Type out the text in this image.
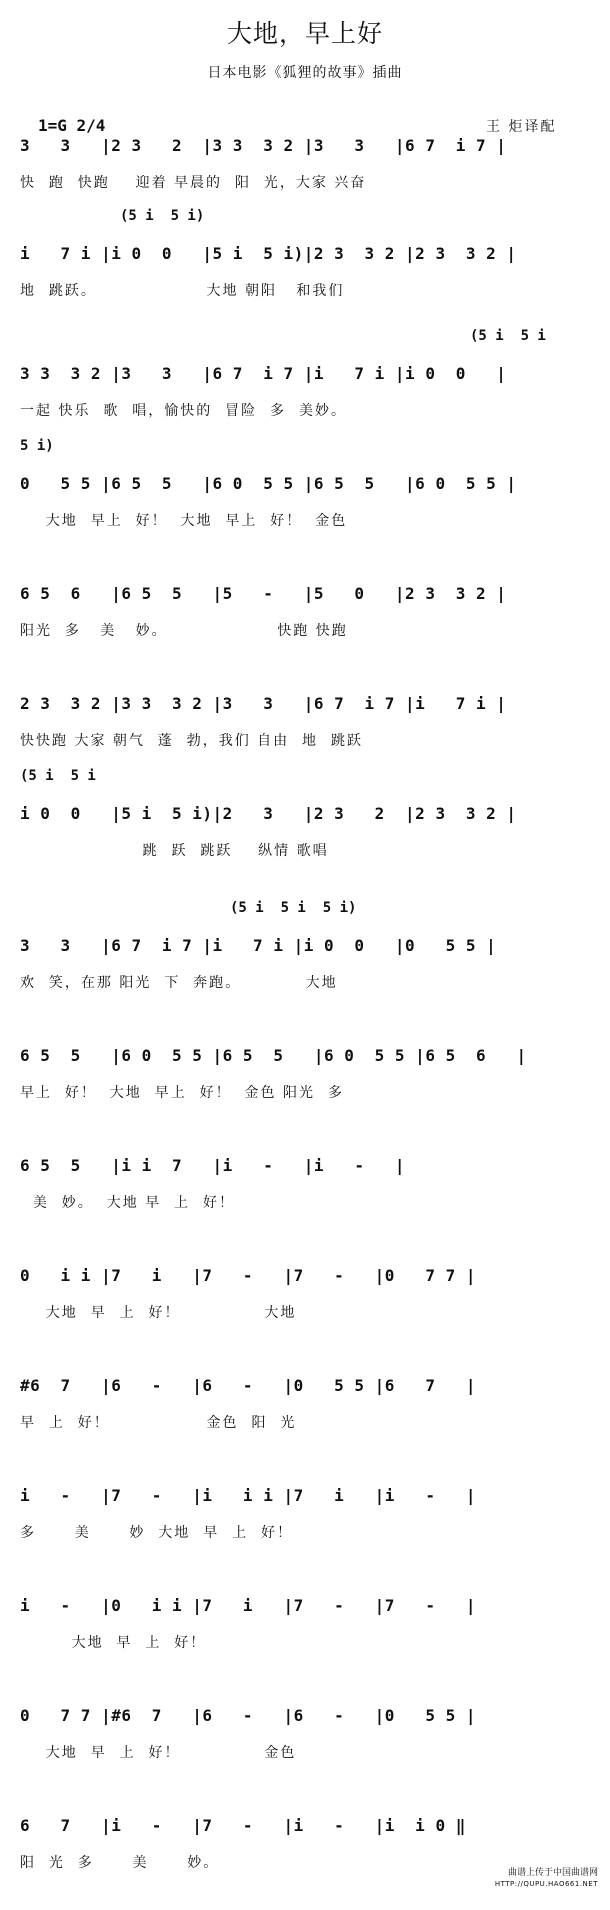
大地，早上好
日本电影《狐狸的故事》插曲
1=G 2/4	王 炬译配
3   3   |2 3   2  |3 3  3 2 |3   3   |6 7  i 7 |
快  跑  快跑    迎着 早晨的  阳  光，大家 兴奋
(5 i  5 i)
i   7 i |i 0  0   |5 i  5 i)|2 3  3 2 |2 3  3 2 |
地  跳跃。                 大地 朝阳   和我们
(5 i  5 i
3 3  3 2 |3   3   |6 7  i 7 |i   7 i |i 0  0   |
一起 快乐  歌  唱，愉快的  冒险  多  美妙。
5 i)
0   5 5 |6 5  5   |6 0  5 5 |6 5  5   |6 0  5 5 |
大地  早上  好！  大地  早上  好！  金色
6 5  6   |6 5  5   |5   -   |5   0   |2 3  3 2 |
阳光  多   美   妙。                 快跑 快跑
2 3  3 2 |3 3  3 2 |3   3   |6 7  i 7 |i   7 i |
快快跑 大家 朝气  蓬  勃，我们 自由  地  跳跃
(5 i  5 i
i 0  0   |5 i  5 i)|2   3   |2 3   2  |2 3  3 2 |
跳  跃  跳跃    纵情 歌唱
(5 i  5 i  5 i)
3   3   |6 7  i 7 |i   7 i |i 0  0   |0   5 5 |
欢  笑，在那 阳光  下  奔跑。          大地
6 5  5   |6 0  5 5 |6 5  5   |6 0  5 5 |6 5  6   |
早上  好！  大地  早上  好！  金色 阳光  多
6 5  5   |i i  7   |i   -   |i   -   |
美  妙。  大地 早  上  好！
0   i i |7   i   |7   -   |7   -   |0   7 7 |
大地  早  上  好！             大地
#6  7   |6   -   |6   -   |0   5 5 |6   7   |
早  上  好！               金色  阳  光
i   -   |7   -   |i   i i |7   i   |i   -   |
多      美      妙  大地  早  上  好！
i   -   |0   i i |7   i   |7   -   |7   -   |
大地  早  上  好！
0   7 7 |#6  7   |6   -   |6   -   |0   5 5 |
大地  早  上  好！             金色
6   7   |i   -   |7   -   |i   -   |i  i 0 ‖
阳  光  多      美      妙。
曲谱上传于中国曲谱网
HTTP://QUPU.HAO661.NET
